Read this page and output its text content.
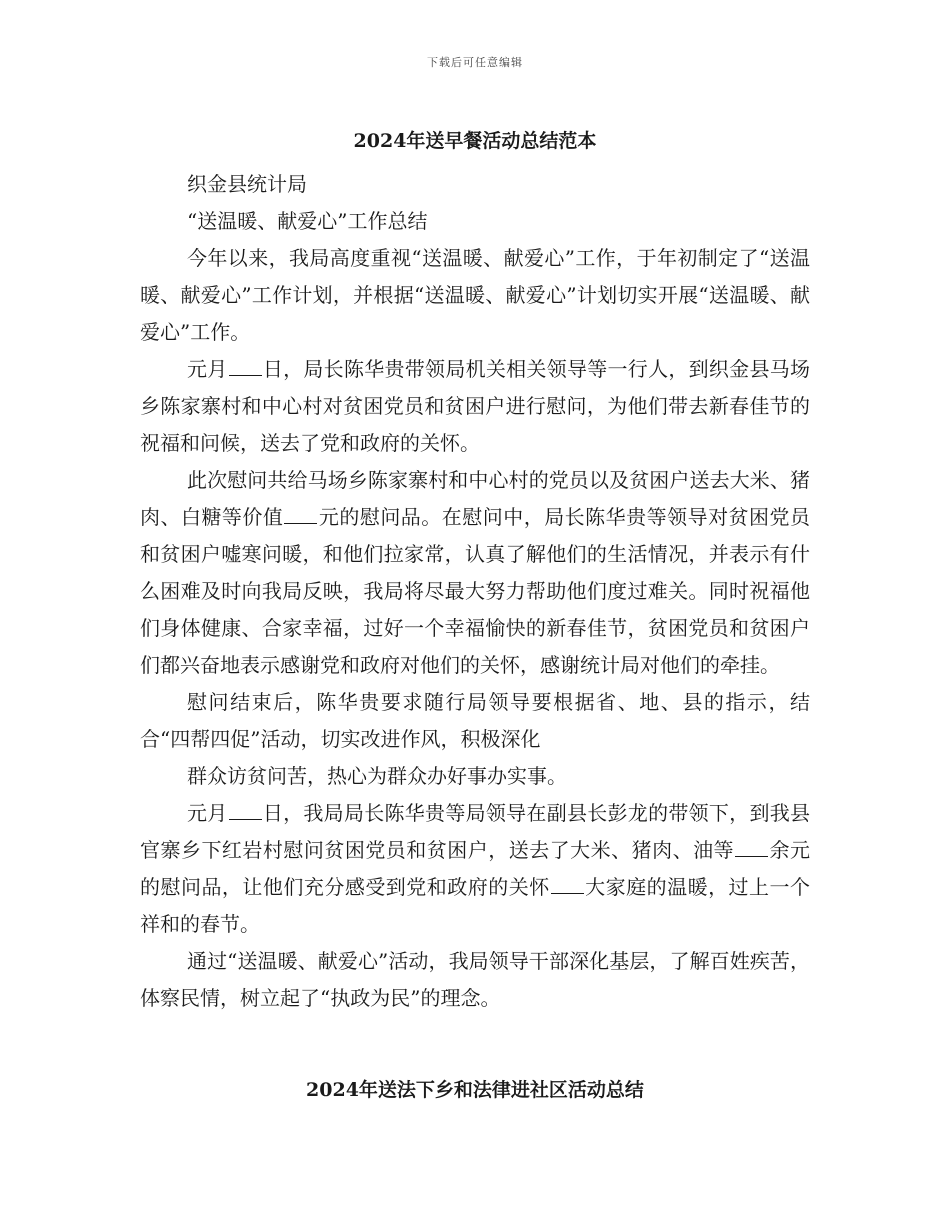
下载后可任意编辑
2024年送早餐活动总结范本

织金县统计局

“送温暖、献爱心”工作总结

今年以来，我局高度重视“送温暖、献爱心”工作，于年初制定了“送温暖、献爱心”工作计划，并根据“送温暖、献爱心”计划切实开展“送温暖、献爱心”工作。

元月 日，局长陈华贵带领局机关相关领导等一行人，到织金县马场乡陈家寨村和中心村对贫困党员和贫困户进行慰问，为他们带去新春佳节的祝福和问候，送去了党和政府的关怀。

此次慰问共给马场乡陈家寨村和中心村的党员以及贫困户送去大米、猪肉、白糖等价值 元的慰问品。在慰问中，局长陈华贵等领导对贫困党员和贫困户嘘寒问暖，和他们拉家常，认真了解他们的生活情况，并表示有什么困难及时向我局反映，我局将尽最大努力帮助他们度过难关。同时祝福他们身体健康、合家幸福，过好一个幸福愉快的新春佳节，贫困党员和贫困户们都兴奋地表示感谢党和政府对他们的关怀，感谢统计局对他们的牵挂。

慰问结束后，陈华贵要求随行局领导要根据省、地、县的指示，结合“四帮四促”活动，切实改进作风，积极深化

群众访贫问苦，热心为群众办好事办实事。

元月 日，我局局长陈华贵等局领导在副县长彭龙的带领下，到我县官寨乡下红岩村慰问贫困党员和贫困户，送去了大米、猪肉、油等 余元的慰问品，让他们充分感受到党和政府的关怀 大家庭的温暖，过上一个祥和的春节。

通过“送温暖、献爱心”活动，我局领导干部深化基层，了解百姓疾苦，体察民情，树立起了“执政为民”的理念。

2024年送法下乡和法律进社区活动总结
